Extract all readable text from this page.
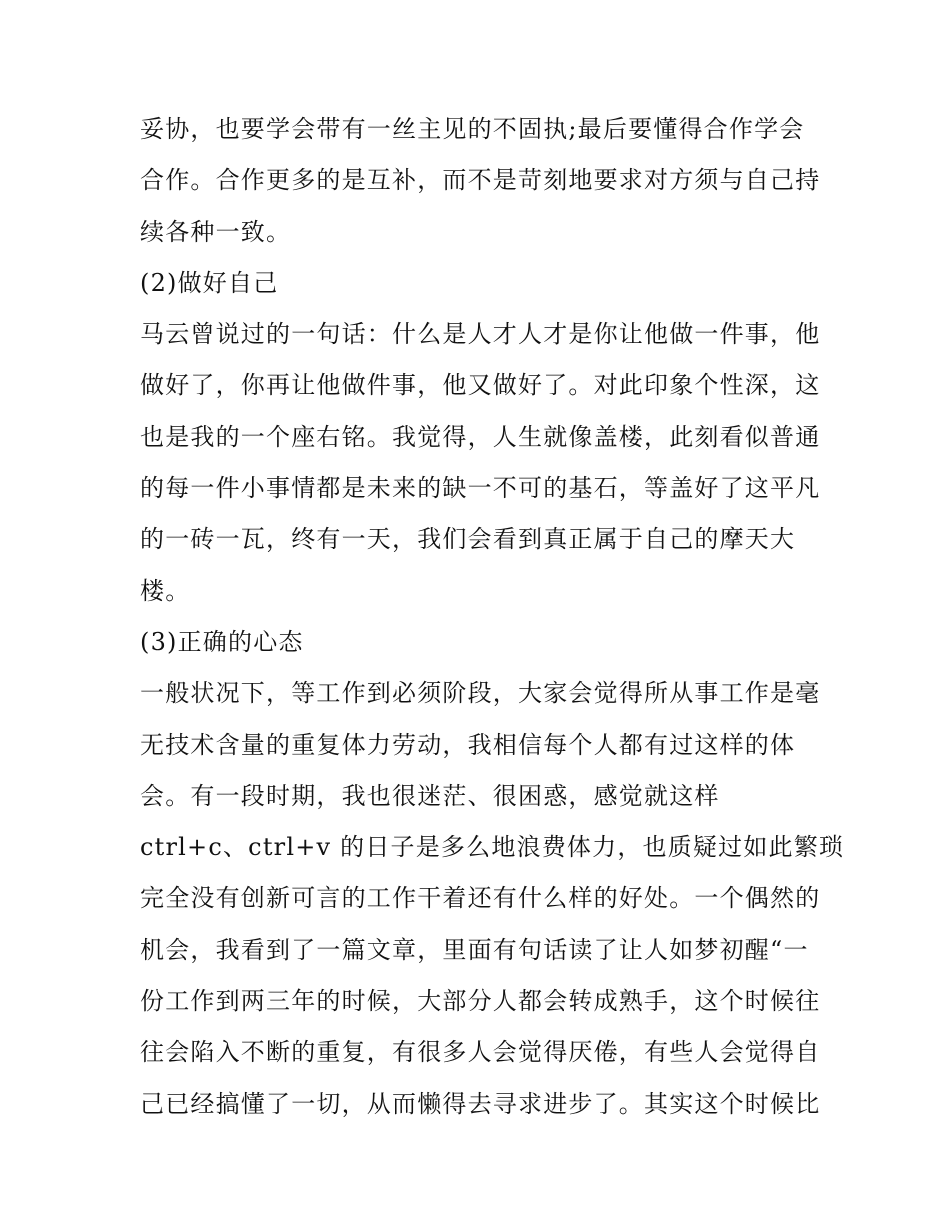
妥协，也要学会带有一丝主见的不固执;最后要懂得合作学会
合作。合作更多的是互补，而不是苛刻地要求对方须与自己持
续各种一致。
(2)做好自己
马云曾说过的一句话：什么是人才人才是你让他做一件事，他
做好了，你再让他做件事，他又做好了。对此印象个性深，这
也是我的一个座右铭。我觉得，人生就像盖楼，此刻看似普通
的每一件小事情都是未来的缺一不可的基石，等盖好了这平凡
的一砖一瓦，终有一天，我们会看到真正属于自己的摩天大
楼。
(3)正确的心态
一般状况下，等工作到必须阶段，大家会觉得所从事工作是毫
无技术含量的重复体力劳动，我相信每个人都有过这样的体
会。有一段时期，我也很迷茫、很困惑，感觉就这样
ctrl+c、ctrl+v 的日子是多么地浪费体力，也质疑过如此繁琐
完全没有创新可言的工作干着还有什么样的好处。一个偶然的
机会，我看到了一篇文章，里面有句话读了让人如梦初醒“一
份工作到两三年的时候，大部分人都会转成熟手，这个时候往
往会陷入不断的重复，有很多人会觉得厌倦，有些人会觉得自
己已经搞懂了一切，从而懒得去寻求进步了。其实这个时候比
